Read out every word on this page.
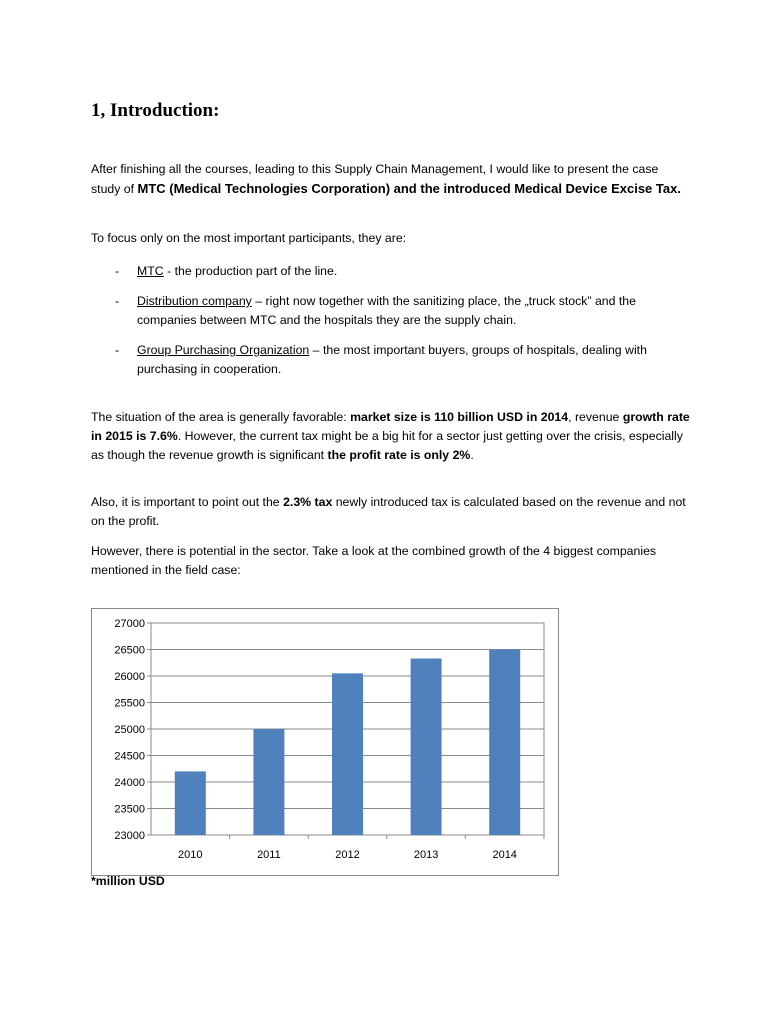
1, Introduction:

After finishing all the courses, leading to this Supply Chain Management, I would like to present the case study of MTC (Medical Technologies Corporation) and the introduced Medical Device Excise Tax.

To focus only on the most important participants, they are:

- MTC - the production part of the line.
- Distribution company – right now together with the sanitizing place, the „truck stock” and the companies between MTC and the hospitals they are the supply chain.
- Group Purchasing Organization – the most important buyers, groups of hospitals, dealing with purchasing in cooperation.

The situation of the area is generally favorable: market size is 110 billion USD in 2014, revenue growth rate in 2015 is 7.6%. However, the current tax might be a big hit for a sector just getting over the crisis, especially as though the revenue growth is significant the profit rate is only 2%.

Also, it is important to point out the 2.3% tax newly introduced tax is calculated based on the revenue and not on the profit.

However, there is potential in the sector. Take a look at the combined growth of the 4 biggest companies mentioned in the field case:

23000
23500
24000
24500
25000
25500
26000
26500
27000
2010	2011	2012	2013	2014
*million USD
